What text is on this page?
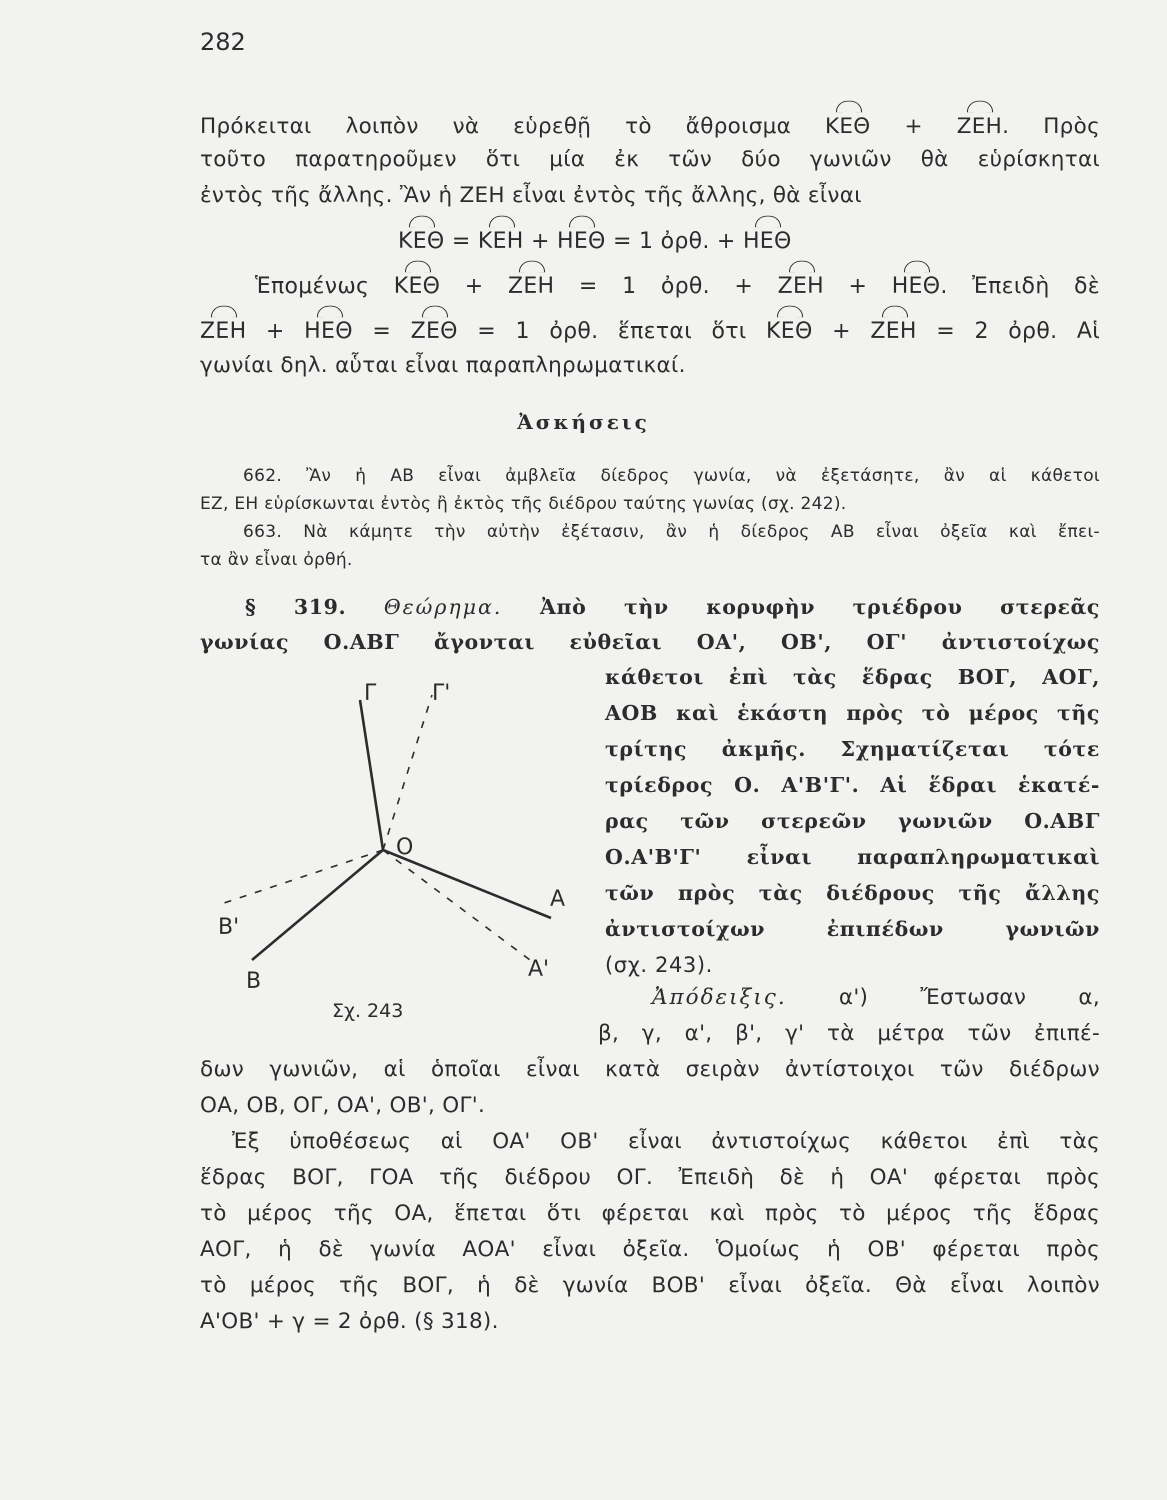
282
Πρόκειται λοιπὸν νὰ εὑρεθῇ τὸ ἄθροισμα ΚΕΘ + ΖΕΗ. Πρὸς
τοῦτο παρατηροῦμεν ὅτι μία ἐκ τῶν δύο γωνιῶν θὰ εὑρίσκηται
ἐντὸς τῆς ἄλλης. Ἂν ἡ ΖΕΗ εἶναι ἐντὸς τῆς ἄλλης, θὰ εἶναι
ΚΕΘ = ΚΕΗ + ΗΕΘ = 1 ὀρθ. + ΗΕΘ
Ἑπομένως ΚΕΘ + ΖΕΗ = 1 ὀρθ. + ΖΕΗ + ΗΕΘ. Ἐπειδὴ δὲ
ΖΕΗ + ΗΕΘ = ΖΕΘ = 1 ὀρθ. ἕπεται ὅτι ΚΕΘ + ΖΕΗ = 2 ὀρθ. Αἱ
γωνίαι δηλ. αὗται εἶναι παραπληρωματικαί.
Ἀσκήσεις
662. Ἂν ἡ ΑΒ εἶναι ἀμβλεῖα δίεδρος γωνία, νὰ ἐξετάσητε, ἂν αἱ κάθετοι
ΕΖ, ΕΗ εὑρίσκωνται ἐντὸς ἢ ἐκτὸς τῆς διέδρου ταύτης γωνίας (σχ. 242).
663. Νὰ κάμητε τὴν αὐτὴν ἐξέτασιν, ἂν ἡ δίεδρος ΑΒ εἶναι ὀξεῖα καὶ ἔπει-
τα ἂν εἶναι ὀρθή.
§ 319. Θεώρημα. Ἀπὸ τὴν κορυφὴν τριέδρου στερεᾶς
γωνίας Ο.ΑΒΓ ἄγονται εὐθεῖαι ΟΑ', ΟΒ', ΟΓ' ἀντιστοίχως
κάθετοι ἐπὶ τὰς ἕδρας ΒΟΓ, ΑΟΓ,
ΑΟΒ καὶ ἑκάστη πρὸς τὸ μέρος τῆς
τρίτης ἀκμῆς. Σχηματίζεται τότε
τρίεδρος Ο. Α'Β'Γ'. Αἱ ἕδραι ἑκατέ-
ρας τῶν στερεῶν γωνιῶν Ο.ΑΒΓ
Ο.Α'Β'Γ' εἶναι παραπληρωματικαὶ
τῶν πρὸς τὰς διέδρους τῆς ἄλλης
ἀντιστοίχων ἐπιπέδων γωνιῶν
(σχ. 243).
Γ	Γ'
Ο
Α
Α'
Β'
Β
Σχ. 243
Ἀπόδειξις. α') Ἔστωσαν α,
β, γ, α', β', γ' τὰ μέτρα τῶν ἐπιπέ-
δων γωνιῶν, αἱ ὁποῖαι εἶναι κατὰ σειρὰν ἀντίστοιχοι τῶν διέδρων
ΟΑ, ΟΒ, ΟΓ, ΟΑ', ΟΒ', ΟΓ'.
Ἐξ ὑποθέσεως αἱ ΟΑ' ΟΒ' εἶναι ἀντιστοίχως κάθετοι ἐπὶ τὰς
ἕδρας ΒΟΓ, ΓΟΑ τῆς διέδρου ΟΓ. Ἐπειδὴ δὲ ἡ ΟΑ' φέρεται πρὸς
τὸ μέρος τῆς ΟΑ, ἕπεται ὅτι φέρεται καὶ πρὸς τὸ μέρος τῆς ἕδρας
ΑΟΓ, ἡ δὲ γωνία ΑΟΑ' εἶναι ὀξεῖα. Ὁμοίως ἡ ΟΒ' φέρεται πρὸς
τὸ μέρος τῆς ΒΟΓ, ἡ δὲ γωνία ΒΟΒ' εἶναι ὀξεῖα. Θὰ εἶναι λοιπὸν
Α'ΟΒ' + γ = 2 ὀρθ. (§ 318).
